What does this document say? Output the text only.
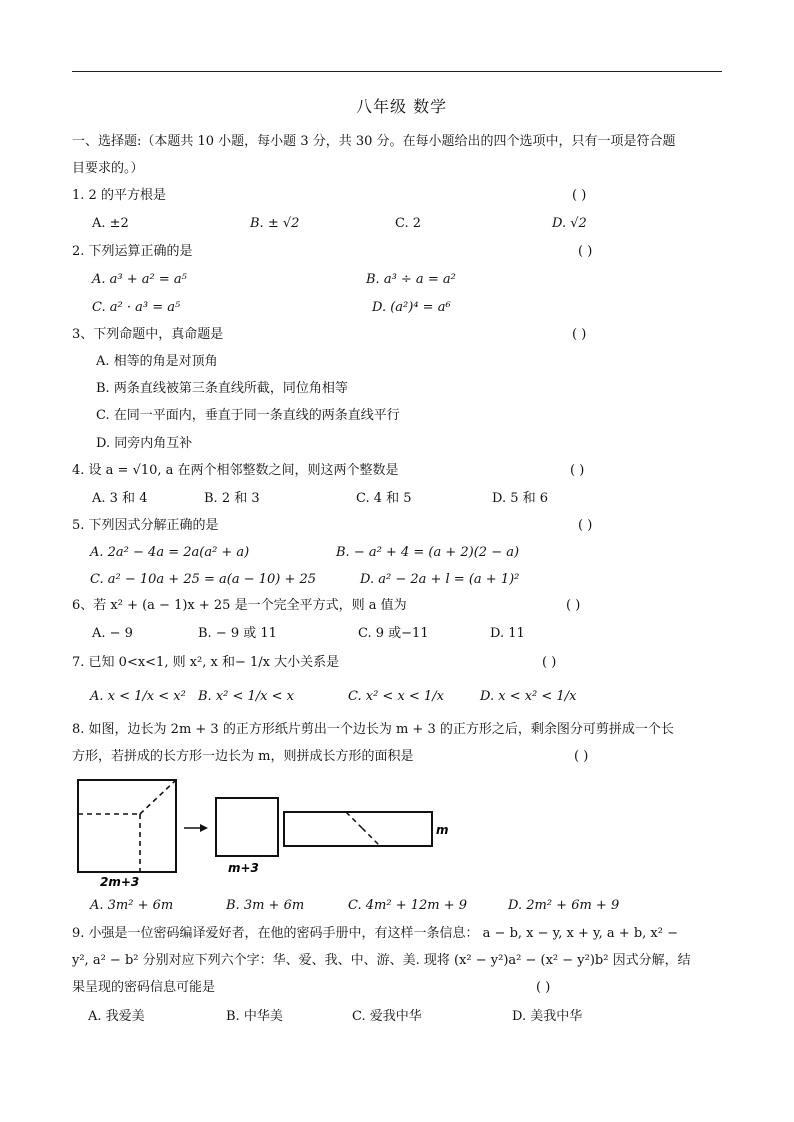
八年级 数学
一、选择题:（本题共 10 小题，每小题 3 分，共 30 分。在每小题给出的四个选项中，只有一项是符合题
目要求的。）
1. 2 的平方根是	( )
A. ±2	B. ± √2	C. 2	D. √2
2. 下列运算正确的是	( )
A. a³ + a² = a⁵	B. a³ ÷ a = a²
C. a² · a³ = a⁵	D. (a²)⁴ = a⁶
3、下列命题中，真命题是	( )
A. 相等的角是对顶角
B. 两条直线被第三条直线所截，同位角相等
C. 在同一平面内，垂直于同一条直线的两条直线平行
D. 同旁内角互补
4. 设 a = √10, a 在两个相邻整数之间，则这两个整数是	( )
A. 3 和 4	B. 2 和 3	C. 4 和 5	D. 5 和 6
5. 下列因式分解正确的是	( )
A. 2a² − 4a = 2a(a² + a)	B. − a² + 4 = (a + 2)(2 − a)
C. a² − 10a + 25 = a(a − 10) + 25	D. a² − 2a + l = (a + 1)²
6、若 x² + (a − 1)x + 25 是一个完全平方式，则 a 值为	( )
A. − 9	B. − 9 或 11	C. 9 或−11	D. 11
7. 已知 0<x<1, 则 x², x 和− 1/x 大小关系是	( )
A. x < 1/x < x² B. x² < 1/x < x	C. x² < x < 1/x	D. x < x² < 1/x
8. 如图，边长为 2m + 3 的正方形纸片剪出一个边长为 m + 3 的正方形之后，剩余图分可剪拼成一个长
方形，若拼成的长方形一边长为 m，则拼成长方形的面积是	( )
2m+3
m+3
m
A. 3m² + 6m	B. 3m + 6m	C. 4m² + 12m + 9	D. 2m² + 6m + 9
9. 小强是一位密码编译爱好者，在他的密码手册中，有这样一条信息： a − b, x − y, x + y, a + b, x² −
y², a² − b² 分别对应下列六个字：华、爱、我、中、游、美. 现将 (x² − y²)a² − (x² − y²)b² 因式分解，结
果呈现的密码信息可能是	( )
A. 我爱美	B. 中华美	C. 爱我中华	D. 美我中华
